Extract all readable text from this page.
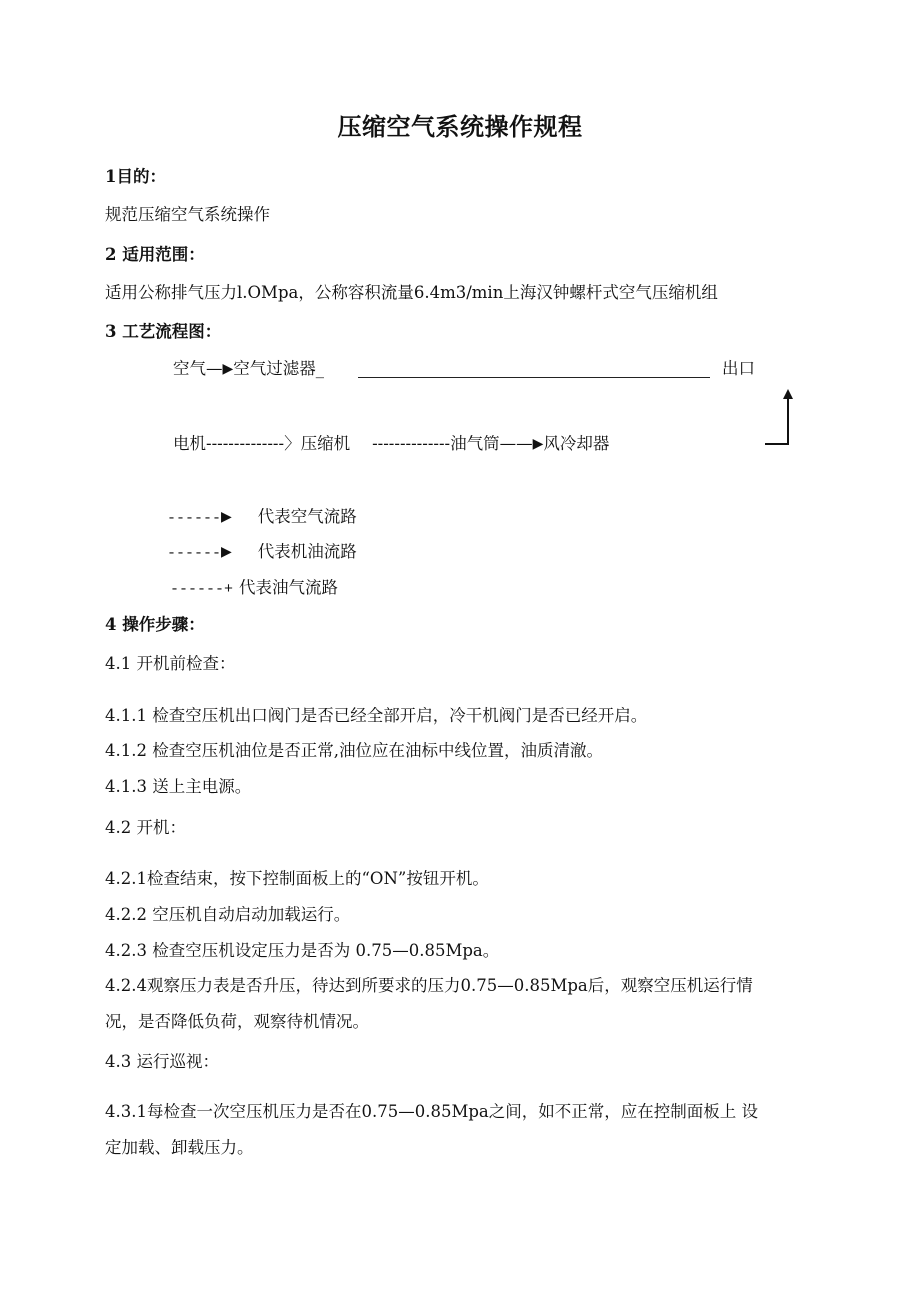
压缩空气系统操作规程
1目的：
规范压缩空气系统操作
2 适用范围：
适用公称排气压力l.OMpa，公称容积流量6.4m3/min上海汉钟螺杆式空气压缩机组
3 工艺流程图：
空气—▶空气过滤器_	出口
电机--------------〉压缩机 --------------油气筒——▶风冷却器
------▶ 代表空气流路
------▶ 代表机油流路
------+ 代表油气流路
4 操作步骤：
4.1 开机前检查：
4.1.1 检查空压机出口阀门是否已经全部开启，冷干机阀门是否已经开启。
4.1.2 检查空压机油位是否正常,油位应在油标中线位置，油质清澈。
4.1.3 送上主电源。
4.2 开机：
4.2.1检查结束，按下控制面板上的“ON”按钮开机。
4.2.2 空压机自动启动加载运行。
4.2.3 检查空压机设定压力是否为 0.75—0.85Mpa。
4.2.4观察压力表是否升压，待达到所要求的压力0.75—0.85Mpa后，观察空压机运行情
况，是否降低负荷，观察待机情况。
4.3 运行巡视：
4.3.1每检查一次空压机压力是否在0.75—0.85Mpa之间，如不正常，应在控制面板上 设
定加载、卸载压力。
